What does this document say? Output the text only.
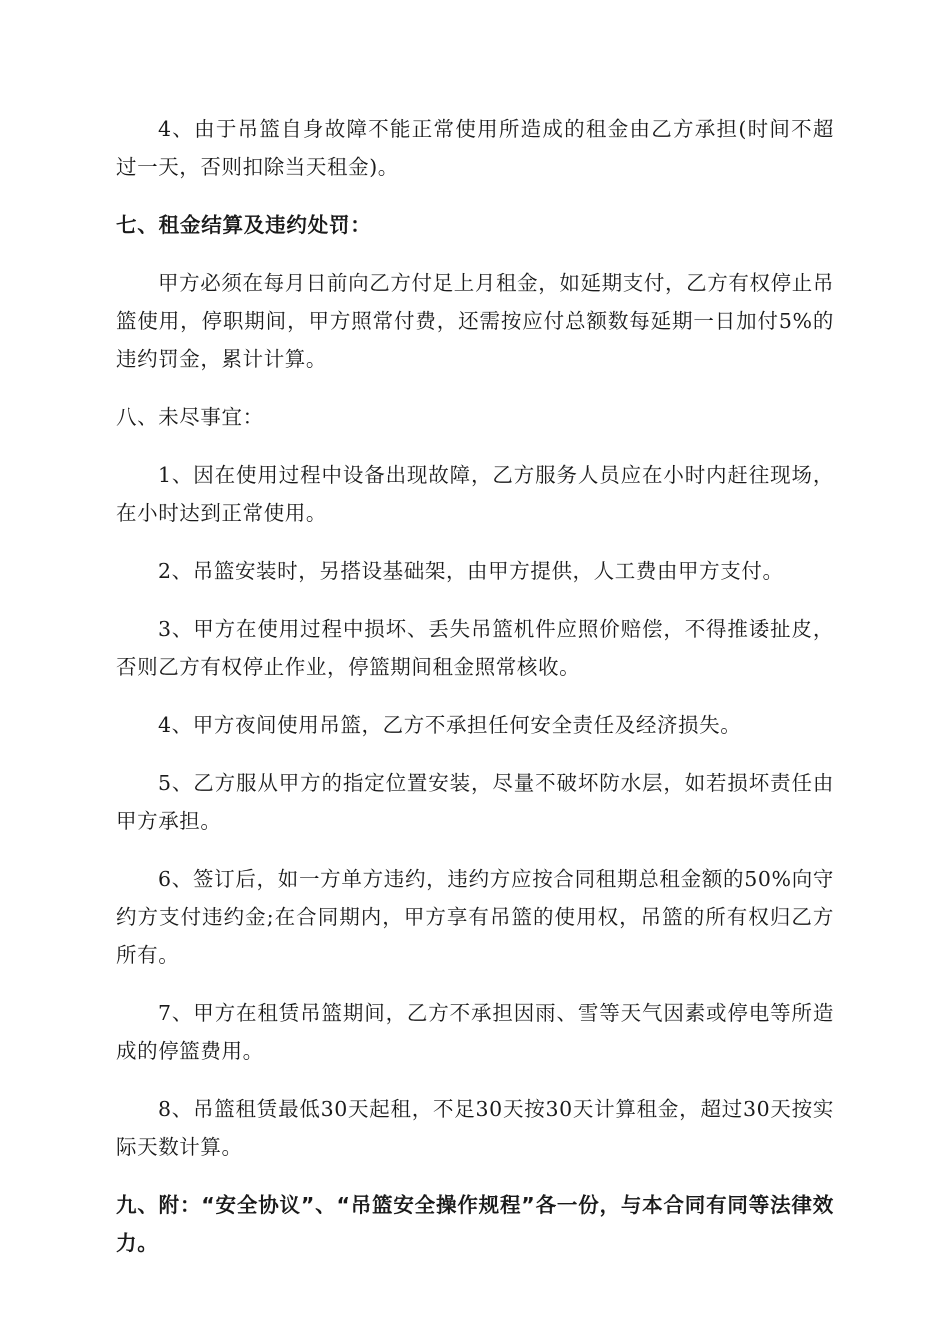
4、由于吊篮自身故障不能正常使用所造成的租金由乙方承担(时间不超过一天，否则扣除当天租金)。

七、租金结算及违约处罚：

甲方必须在每月日前向乙方付足上月租金，如延期支付，乙方有权停止吊篮使用，停职期间，甲方照常付费，还需按应付总额数每延期一日加付5%的违约罚金，累计计算。

八、未尽事宜：

1、因在使用过程中设备出现故障，乙方服务人员应在小时内赶往现场，在小时达到正常使用。

2、吊篮安装时，另搭设基础架，由甲方提供，人工费由甲方支付。

3、甲方在使用过程中损坏、丢失吊篮机件应照价赔偿，不得推诿扯皮，否则乙方有权停止作业，停篮期间租金照常核收。

4、甲方夜间使用吊篮，乙方不承担任何安全责任及经济损失。

5、乙方服从甲方的指定位置安装，尽量不破坏防水层，如若损坏责任由甲方承担。

6、签订后，如一方单方违约，违约方应按合同租期总租金额的50%向守约方支付违约金;在合同期内，甲方享有吊篮的使用权，吊篮的所有权归乙方所有。

7、甲方在租赁吊篮期间，乙方不承担因雨、雪等天气因素或停电等所造成的停篮费用。

8、吊篮租赁最低30天起租，不足30天按30天计算租金，超过30天按实际天数计算。

九、附：“安全协议”、“吊篮安全操作规程”各一份，与本合同有同等法律效力。
